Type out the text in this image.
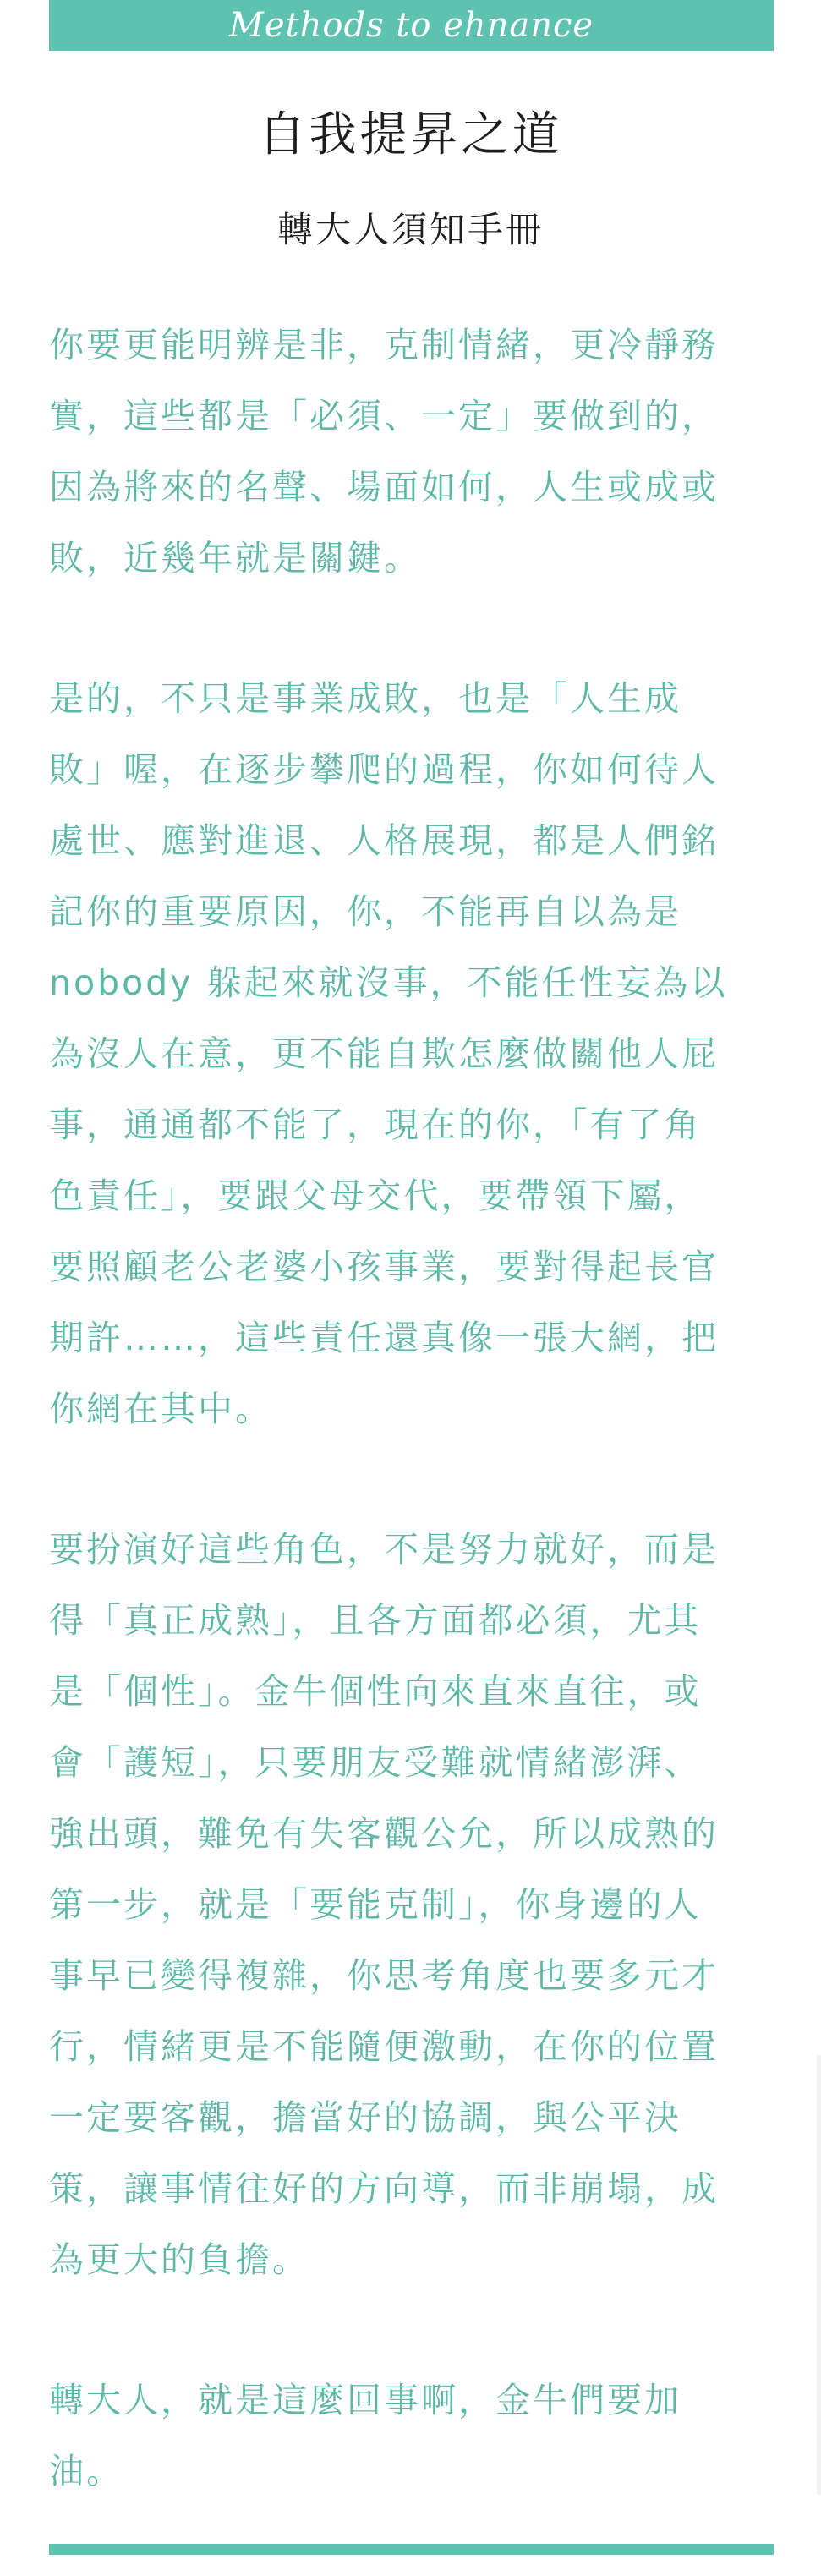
Methods to ehnance
自我提昇之道
轉大人須知手冊

你要更能明辨是非，克制情緒，更冷靜務
實，這些都是「必須、一定」要做到的，
因為將來的名聲、場面如何，人生或成或
敗，近幾年就是關鍵。

是的，不只是事業成敗，也是「人生成
敗」喔，在逐步攀爬的過程，你如何待人
處世、應對進退、人格展現，都是人們銘
記你的重要原因，你，不能再自以為是
nobody 躲起來就沒事，不能任性妄為以
為沒人在意，更不能自欺怎麼做關他人屁
事，通通都不能了，現在的你，「有了角
色責任」，要跟父母交代，要帶領下屬，
要照顧老公老婆小孩事業，要對得起長官
期許……，這些責任還真像一張大網，把
你網在其中。

要扮演好這些角色，不是努力就好，而是
得「真正成熟」，且各方面都必須，尤其
是「個性」。金牛個性向來直來直往，或
會「護短」，只要朋友受難就情緒澎湃、
強出頭，難免有失客觀公允，所以成熟的
第一步，就是「要能克制」，你身邊的人
事早已變得複雜，你思考角度也要多元才
行，情緒更是不能隨便激動，在你的位置
一定要客觀，擔當好的協調，與公平決
策，讓事情往好的方向導，而非崩塌，成
為更大的負擔。

轉大人，就是這麼回事啊，金牛們要加
油。
